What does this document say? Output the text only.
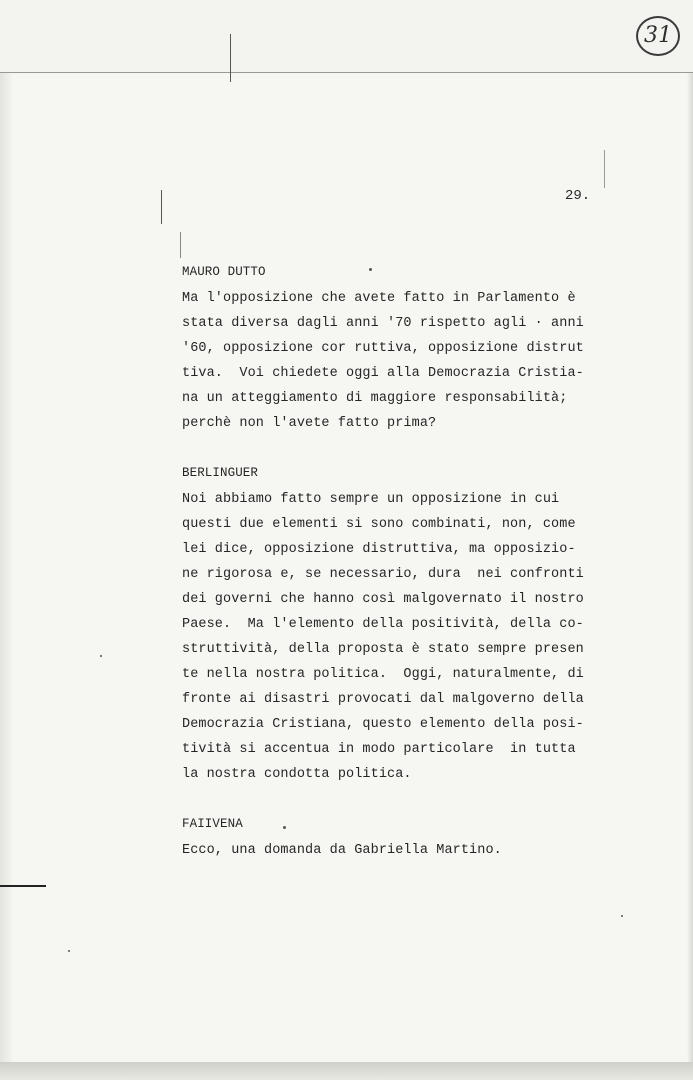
31
29.
MAURO DUTTO
Ma l'opposizione che avete fatto in Parlamento è
stata diversa dagli anni '70 rispetto agli · anni
'60, opposizione cor ruttiva, opposizione distrut
tiva.  Voi chiedete oggi alla Democrazia Cristia-
na un atteggiamento di maggiore responsabilità;
perchè non l'avete fatto prima?
BERLINGUER
Noi abbiamo fatto sempre un opposizione in cui
questi due elementi si sono combinati, non, come
lei dice, opposizione distruttiva, ma opposizio-
ne rigorosa e, se necessario, dura  nei confronti
dei governi che hanno così malgovernato il nostro
Paese.  Ma l'elemento della positività, della co-
struttività, della proposta è stato sempre presen
te nella nostra politica.  Oggi, naturalmente, di
fronte ai disastri provocati dal malgoverno della
Democrazia Cristiana, questo elemento della posi-
tività si accentua in modo particolare  in tutta
la nostra condotta politica.
FAIIVENA
Ecco, una domanda da Gabriella Martino.
